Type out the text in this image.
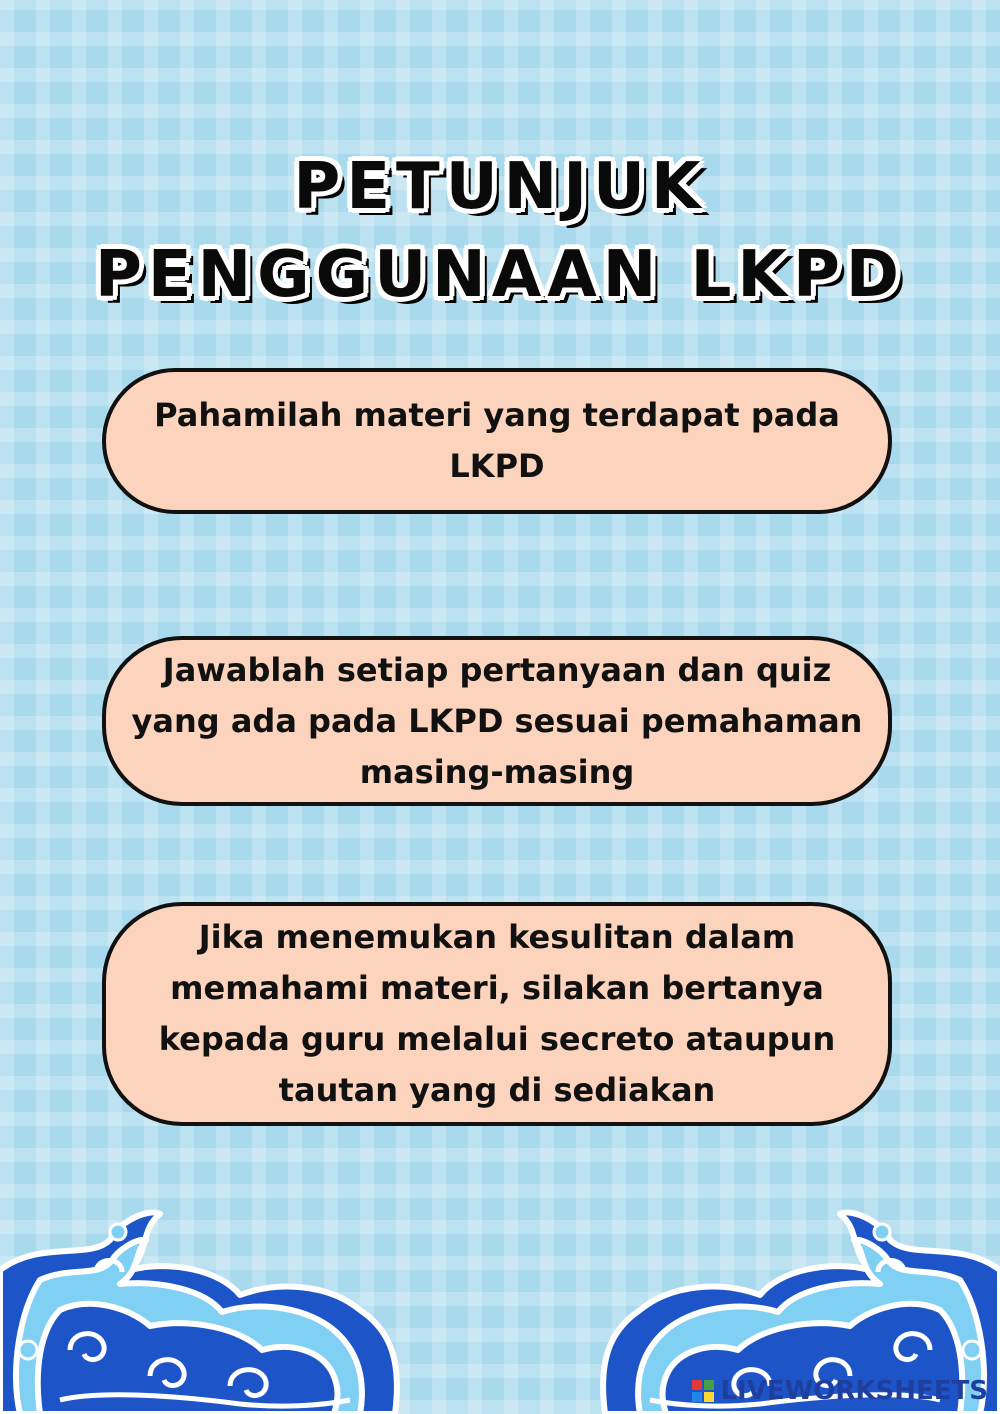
PETUNJUK
PENGGUNAAN LKPD

Pahamilah materi yang terdapat pada LKPD

Jawablah setiap pertanyaan dan quiz yang ada pada LKPD sesuai pemahaman masing-masing

Jika menemukan kesulitan dalam memahami materi, silakan bertanya kepada guru melalui secreto ataupun tautan yang di sediakan

LIVEWORKSHEETS
